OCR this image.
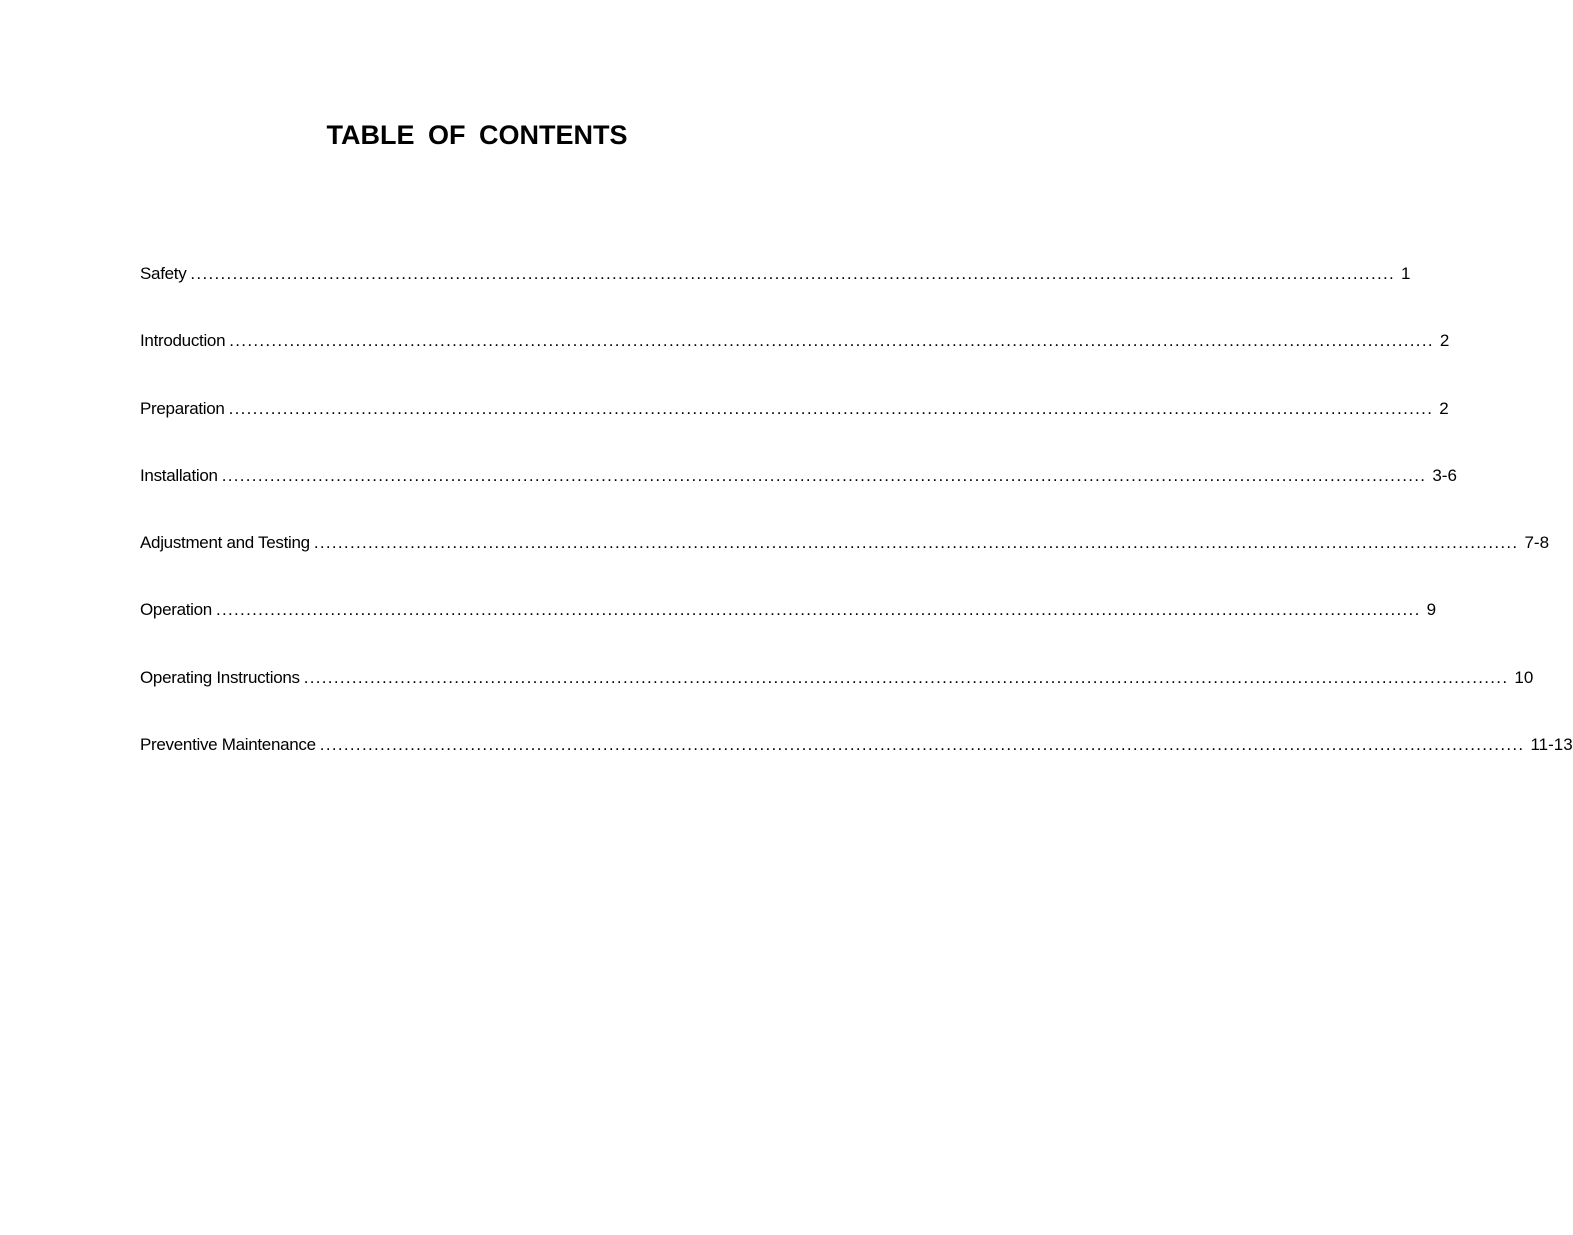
TABLE OF CONTENTS
Safety ........................................................................................................................................................................................................ 1
Introduction ........................................................................................................................................................................................................ 2
Preparation ........................................................................................................................................................................................................ 2
Installation ........................................................................................................................................................................................................ 3-6
Adjustment and Testing ........................................................................................................................................................................................................ 7-8
Operation ........................................................................................................................................................................................................ 9
Operating Instructions ........................................................................................................................................................................................................ 10
Preventive Maintenance ........................................................................................................................................................................................................ 11-13
